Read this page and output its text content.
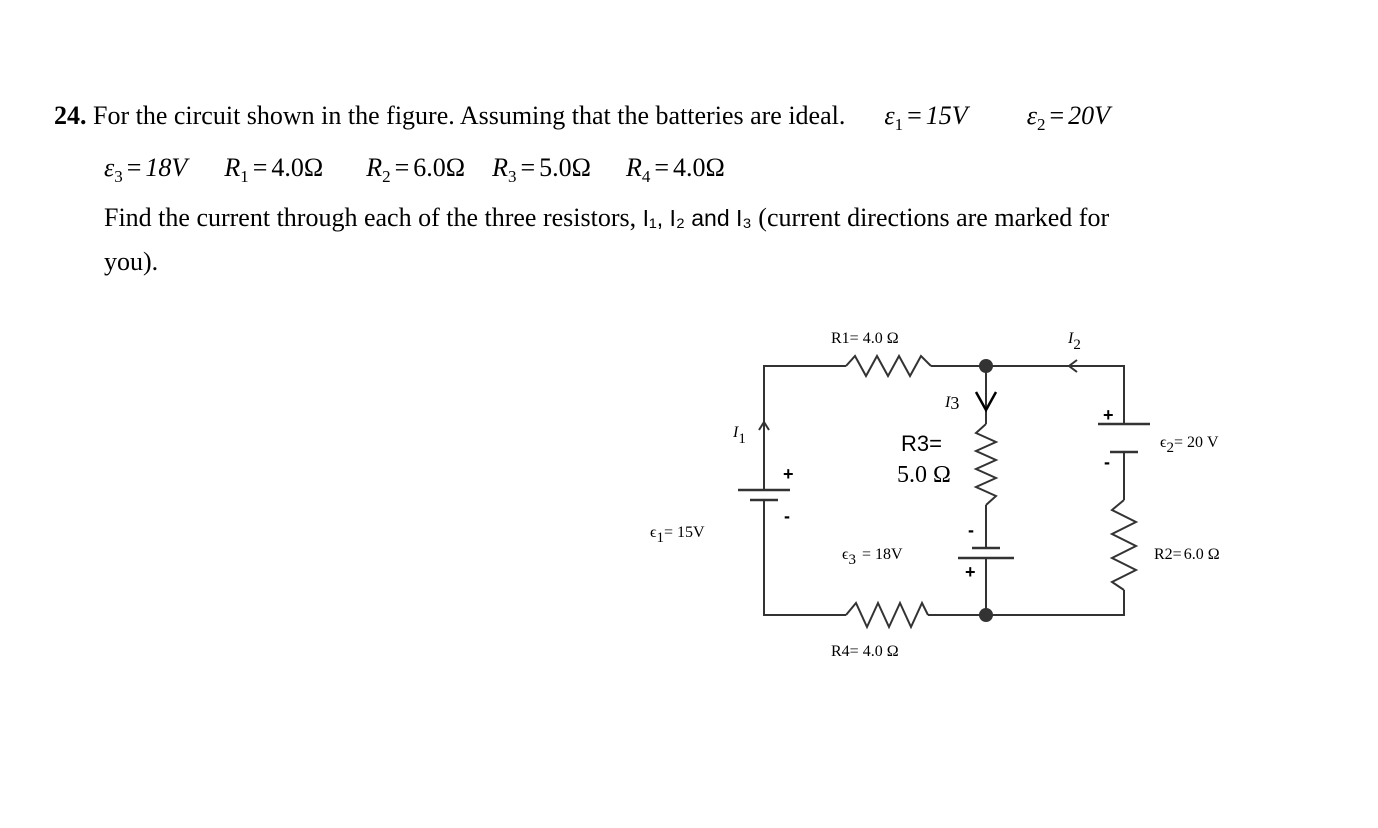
24. For the circuit shown in the figure. Assuming that the batteries are ideal. $\varepsilon_1 = 15V$ $\varepsilon_2 = 20V$
$\varepsilon_3 = 18V$ $R_1 = 4.0\Omega$ $R_2 = 6.0\Omega$ $R_3 = 5.0\Omega$ $R_4 = 4.0\Omega$
Find the current through each of the three resistors, I₁, I₂ and I₃ (current directions are marked for
you).
+
-
+
-
-
+
R1= 4.0 Ω
R4= 4.0 Ω
R3=
5.0 Ω
R2= 6.0 Ω
ϵ1= 15V
ϵ2= 20 V
ϵ3 = 18V
I1
I2
I3
